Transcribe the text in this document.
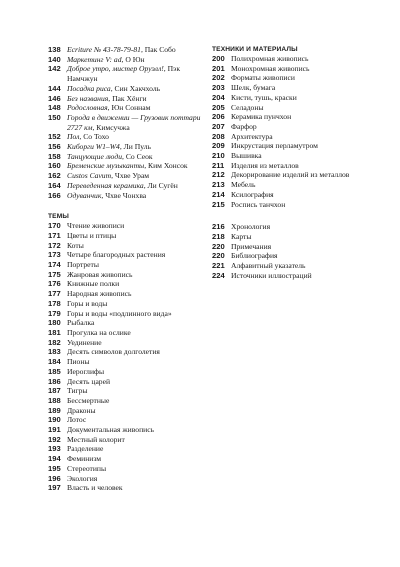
138 Ecriture № 43-78-79-81, Пак Собо
140 Маркетинг V: ad, О Юн
142 Доброе утро, мистер Оруэлл!, Пэк Намчжун
144 Посадка риса, Син Хакчхоль
146 Без названия, Пак Хёнги
148 Родословная, Юн Соннам
150 Города в движении — Грузовик поттари 2727 км, Кимсучжа
152 Пол, Со Тохо
156 Киборги W1–W4, Ли Пуль
158 Танцующие люди, Со Сеок
160 Бременские музыканты, Ким Хонсок
162 Custos Cavum, Чхве Урам
164 Переведенная керамика, Ли Сугён
166 Одуванчик, Чхве Чонхва
ТЕМЫ
170 Чтение живописи
171 Цветы и птицы
172 Коты
173 Четыре благородных растения
174 Портреты
175 Жанровая живопись
176 Книжные полки
177 Народная живопись
178 Горы и воды
179 Горы и воды «подлинного вида»
180 Рыбалка
181 Прогулка на ослике
182 Уединение
183 Десять символов долголетия
184 Пионы
185 Иероглифы
186 Десять царей
187 Тигры
188 Бессмертные
189 Драконы
190 Лотос
191 Документальная живопись
192 Местный колорит
193 Разделение
194 Феминизм
195 Стереотипы
196 Экология
197 Власть и человек
ТЕХНИКИ И МАТЕРИАЛЫ
200 Полихромная живопись
201 Монохромная живопись
202 Форматы живописи
203 Шелк, бумага
204 Кисти, тушь, краски
205 Селадоны
206 Керамика пунчхон
207 Фарфор
208 Архитектура
209 Инкрустация перламутром
210 Вышивка
211 Изделия из металлов
212 Декорирование изделий из металлов
213 Мебель
214 Ксилография
215 Роспись танчхон
216 Хронология
218 Карты
220 Примечания
220 Библиография
221 Алфавитный указатель
224 Источники иллюстраций
